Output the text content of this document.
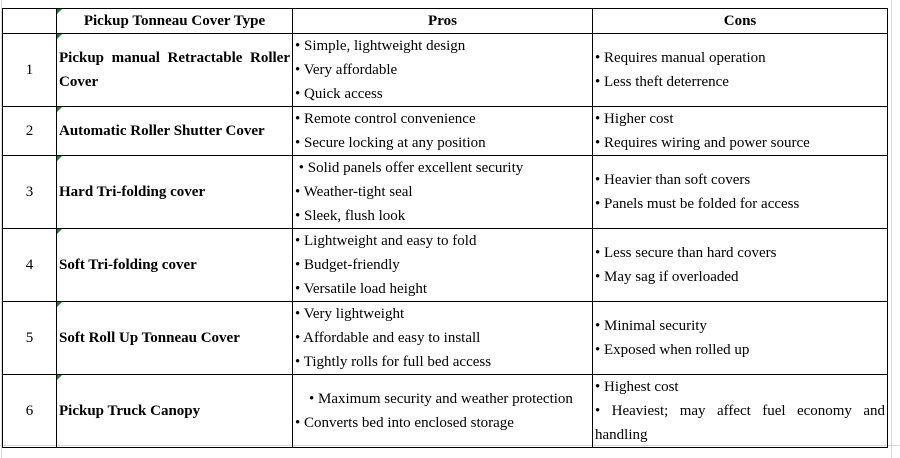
Pickup Tonneau Cover Type	Pros	Cons
1	Pickup manual Retractable Roller Cover	• Simple, lightweight design
• Very affordable
• Quick access	• Requires manual operation
• Less theft deterrence

2	Automatic Roller Shutter Cover	• Remote control convenience
• Secure locking at any position	• Higher cost
• Requires wiring and power source

3	Hard Tri-folding cover	• Solid panels offer excellent security
• Weather-tight seal
• Sleek, flush look	• Heavier than soft covers
• Panels must be folded for access

4	Soft Tri-folding cover	• Lightweight and easy to fold
• Budget-friendly
• Versatile load height	• Less secure than hard covers
• May sag if overloaded

5	Soft Roll Up Tonneau Cover	• Very lightweight
• Affordable and easy to install
• Tightly rolls for full bed access	• Minimal security
• Exposed when rolled up

6	Pickup Truck Canopy	• Maximum security and weather protection
• Converts bed into enclosed storage	• Highest cost
• Heaviest; may affect fuel economy and handling
